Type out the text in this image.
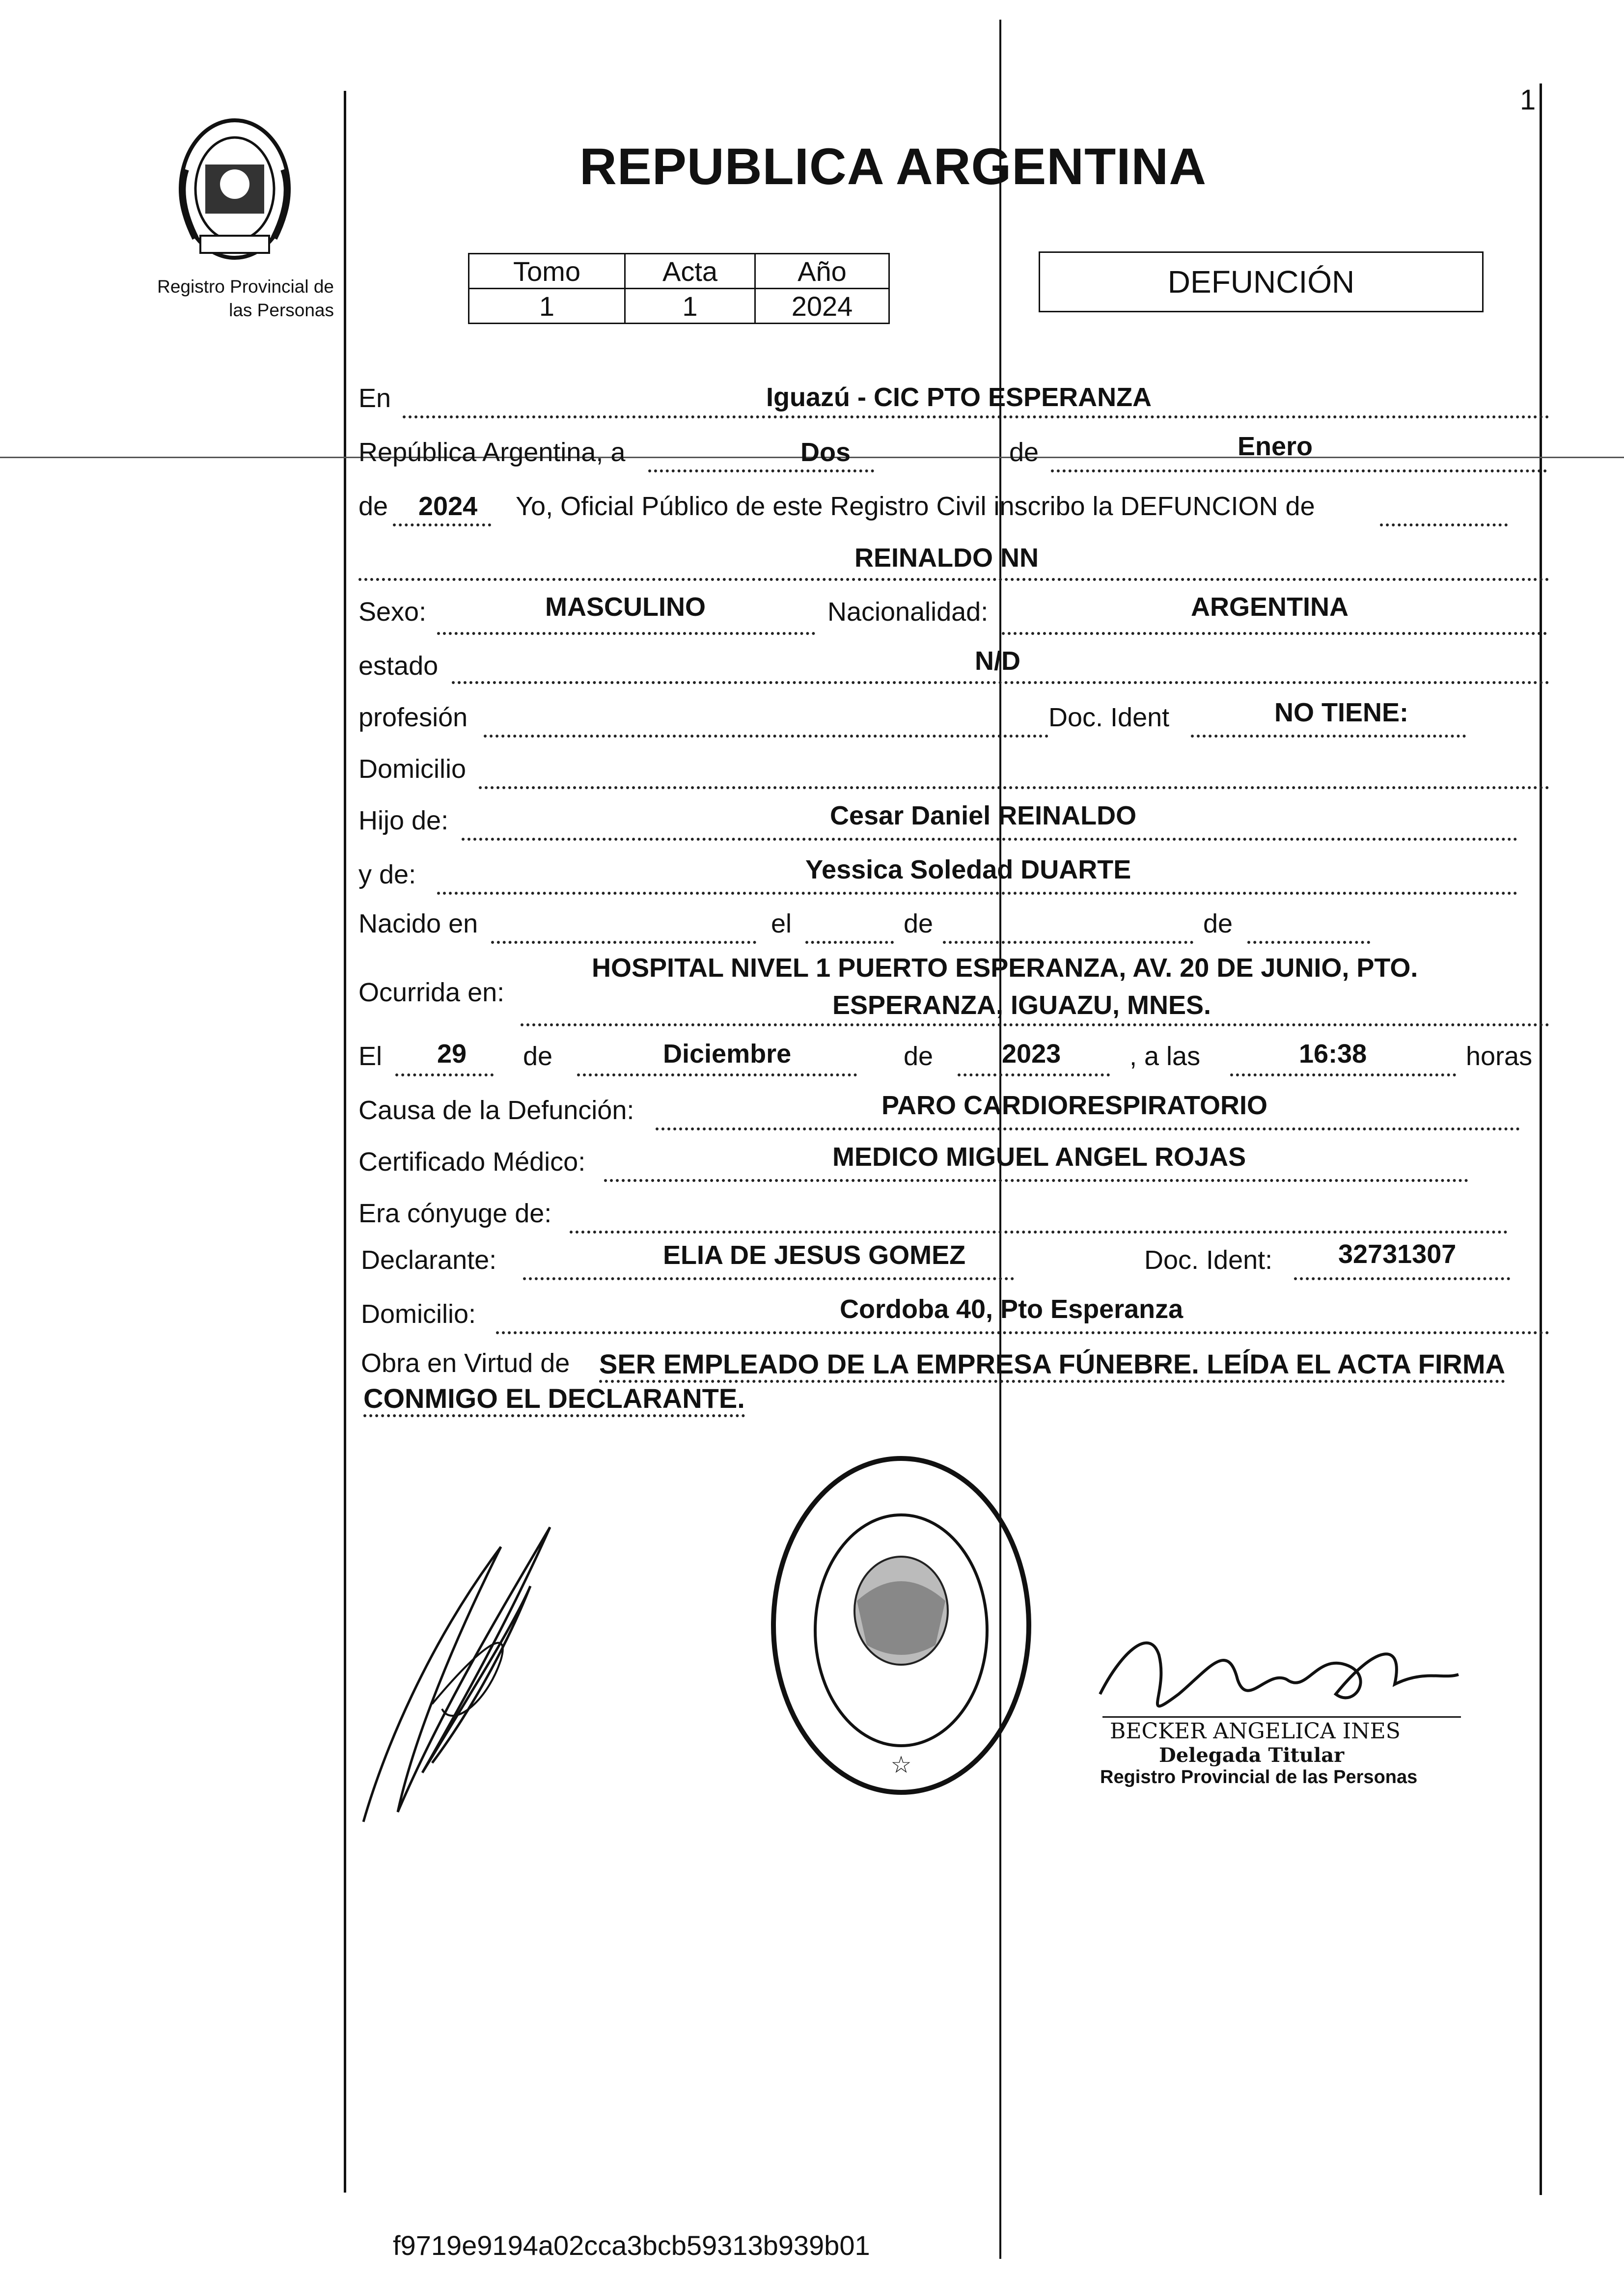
1
Registro Provincial de
las Personas
REPUBLICA ARGENTINA
Tomo	Acta	Año
1	1	2024
DEFUNCIÓN
En	Iguazú - CIC PTO ESPERANZA
República Argentina, a	Dos	de	Enero
de 2024 Yo, Oficial Público de este Registro Civil inscribo la DEFUNCION de
REINALDO NN
Sexo:	MASCULINO	Nacionalidad:	ARGENTINA
estado	N/D
profesión	Doc. Ident	NO TIENE:
Domicilio
Hijo de:	Cesar Daniel REINALDO
y de:	Yessica Soledad DUARTE
Nacido en	el	de	de
HOSPITAL NIVEL 1 PUERTO ESPERANZA, AV. 20 DE JUNIO, PTO.
Ocurrida en:	ESPERANZA, IGUAZU, MNES.
El 29 de	Diciembre	de	2023	, a las	16:38	horas
Causa de la Defunción:	PARO CARDIORESPIRATORIO
Certificado Médico:	MEDICO MIGUEL ANGEL ROJAS
Era cónyuge de:
Declarante:	ELIA DE JESUS GOMEZ	Doc. Ident: 32731307
Domicilio:	Cordoba 40, Pto Esperanza
Obra en Virtud de SER EMPLEADO DE LA EMPRESA FÚNEBRE. LEÍDA EL ACTA FIRMA
CONMIGO EL DECLARANTE.
☆
BECKER ANGELICA INES
Delegada Titular
Registro Provincial de las Personas
f9719e9194a02cca3bcb59313b939b01
